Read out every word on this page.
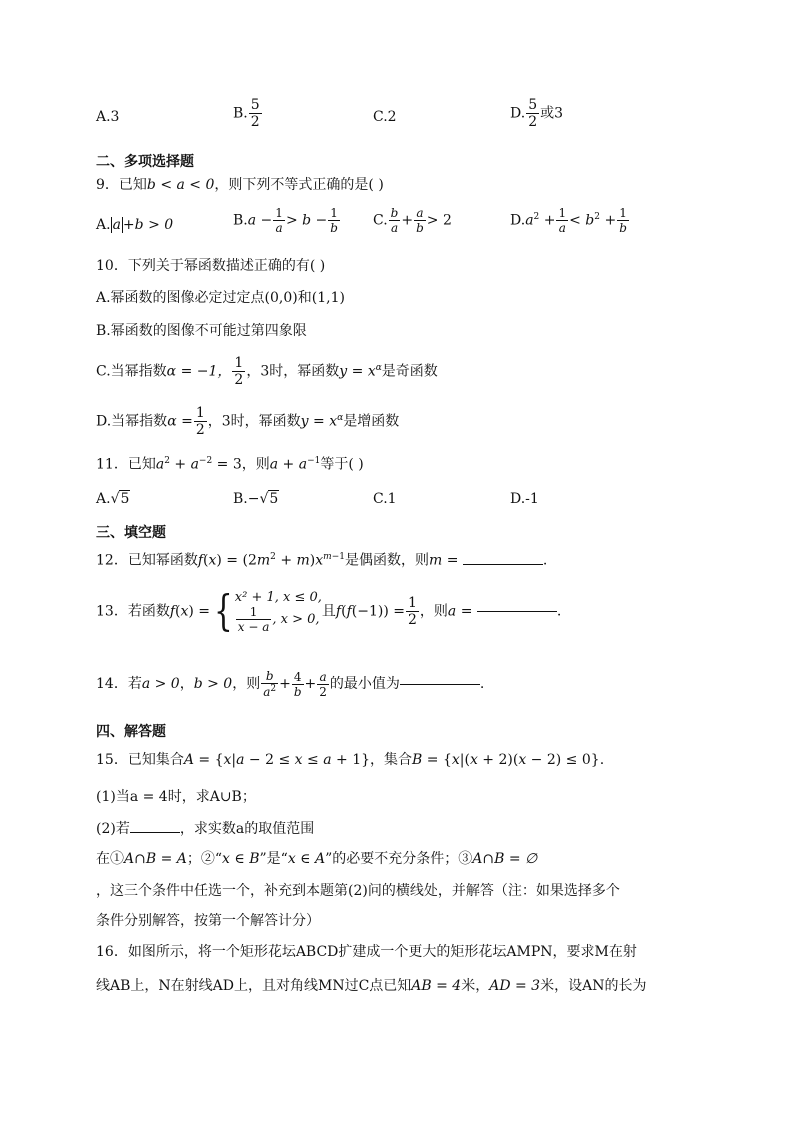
A.3	B. $\frac{5}{2}$	C.2	D. $\frac{5}{2}$ 或3
二、多项选择题
9．已知b < a < 0，则下列不等式正确的是( )
A. a +b > 0	$B.a - \frac{1}{a} > b - \frac{1}{b} C$. $\frac{b}{a} + \frac{a}{b} > 2$	$D.a^2 + \frac{1}{a} < b^2 + \frac{1}{b}$
10．下列关于幂函数描述正确的有( )
A.幂函数的图像必定过定点(0,0)和(1,1)
B.幂函数的图像不可能过第四象限
C.当幂指数α = −1， $\frac{1}{2}$ ，3时，幂函数$y = x^\alpha$是奇函数
D.当幂指数$\alpha = \frac{1}{2}$ ，3时，幂函数$y = x^\alpha$是增函数
11．已知$a^2 + a^{-2} = 3$，则$a + a^{-1}$等于( )
A.√5	B.−√5	C.1	D.-1
三、填空题
12．已知幂函数$f(x) = (2m^2 + m)x^{m-1}$是偶函数，则m =	.
13．若函数f(x) ={ x² + 1, x ≤ 0,
$\frac{1}{x - a}$ , x > 0, 且$f(f(-1)) = \frac{1}{2}$ ，则a =	.
14．若a > 0，b > 0，则 $\frac{b}{a^2} + \frac{4}{b} + \frac{a}{2}$ 的最小值为	.
四、解答题
15．已知集合A = {x|a − 2 ≤ x ≤ a + 1}，集合B = {x|(x + 2)(x − 2) ≤ 0}.
(1)当a = 4时，求A∪B；
(2)若	，求实数a的取值范围
在①A∩B = A；②“x ∈ B”是“x ∈ A”的必要不充分条件；③A∩B = ∅
，这三个条件中任选一个，补充到本题第(2)问的横线处，并解答（注：如果选择多个
条件分别解答，按第一个解答计分）
16．如图所示，将一个矩形花坛ABCD扩建成一个更大的矩形花坛AMPN，要求M在射
线AB上，N在射线AD上，且对角线MN过C点已知AB = 4米，AD = 3米，设AN的长为
